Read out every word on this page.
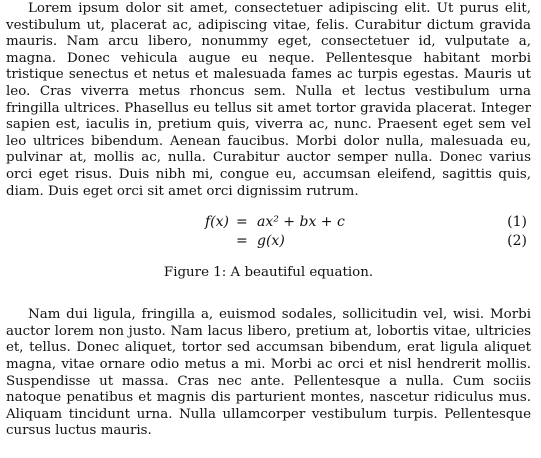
Lorem ipsum dolor sit amet, consectetuer adipiscing elit. Ut purus elit, vestibulum ut, placerat ac, adipiscing vitae, felis. Curabitur dictum gravida mauris. Nam arcu libero, nonummy eget, consectetuer id, vulputate a, magna. Donec vehicula augue eu neque. Pellentesque habitant morbi tristique senectus et netus et malesuada fames ac turpis egestas. Mauris ut leo. Cras viverra metus rhoncus sem. Nulla et lectus vestibulum urna fringilla ultrices. Phasellus eu tellus sit amet tortor gravida placerat. Integer sapien est, iaculis in, pretium quis, viverra ac, nunc. Praesent eget sem vel leo ultrices bibendum. Aenean faucibus. Morbi dolor nulla, malesuada eu, pulvinar at, mollis ac, nulla. Curabitur auctor semper nulla. Donec varius orci eget risus. Duis nibh mi, congue eu, accumsan eleifend, sagittis quis, diam. Duis eget orci sit amet orci dignissim rutrum.

f(x) = ax² + bx + c	(1)
= g(x)	(2)
Figure 1: A beautiful equation.

Nam dui ligula, fringilla a, euismod sodales, sollicitudin vel, wisi. Morbi auctor lorem non justo. Nam lacus libero, pretium at, lobortis vitae, ultricies et, tellus. Donec aliquet, tortor sed accumsan bibendum, erat ligula aliquet magna, vitae ornare odio metus a mi. Morbi ac orci et nisl hendrerit mollis. Suspendisse ut massa. Cras nec ante. Pellentesque a nulla. Cum sociis natoque penatibus et magnis dis parturient montes, nascetur ridiculus mus. Aliquam tincidunt urna. Nulla ullamcorper vestibulum turpis. Pellentesque cursus luctus mauris.
